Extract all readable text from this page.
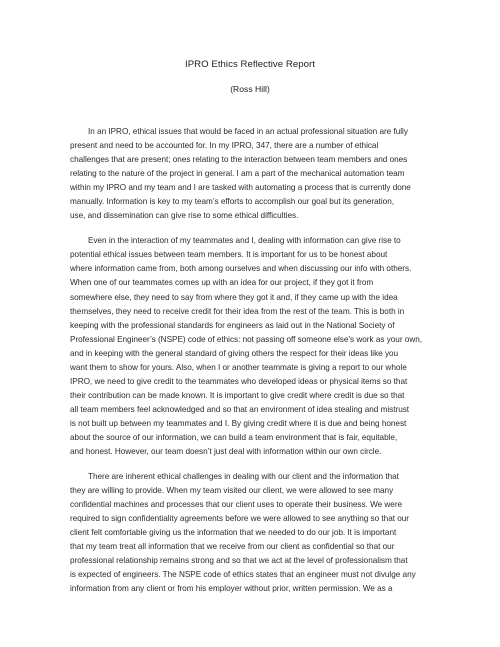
IPRO Ethics Reflective Report
(Ross Hill)
In an IPRO, ethical issues that would be faced in an actual professional situation are fully
present and need to be accounted for. In my IPRO, 347, there are a number of ethical
challenges that are present; ones relating to the interaction between team members and ones
relating to the nature of the project in general. I am a part of the mechanical automation team
within my IPRO and my team and I are tasked with automating a process that is currently done
manually. Information is key to my team’s efforts to accomplish our goal but its generation,
use, and dissemination can give rise to some ethical difficulties.
Even in the interaction of my teammates and I, dealing with information can give rise to
potential ethical issues between team members. It is important for us to be honest about
where information came from, both among ourselves and when discussing our info with others.
When one of our teammates comes up with an idea for our project, if they got it from
somewhere else, they need to say from where they got it and, if they came up with the idea
themselves, they need to receive credit for their idea from the rest of the team. This is both in
keeping with the professional standards for engineers as laid out in the National Society of
Professional Engineer’s (NSPE) code of ethics: not passing off someone else’s work as your own,
and in keeping with the general standard of giving others the respect for their ideas like you
want them to show for yours. Also, when I or another teammate is giving a report to our whole
IPRO, we need to give credit to the teammates who developed ideas or physical items so that
their contribution can be made known. It is important to give credit where credit is due so that
all team members feel acknowledged and so that an environment of idea stealing and mistrust
is not built up between my teammates and I. By giving credit where it is due and being honest
about the source of our information, we can build a team environment that is fair, equitable,
and honest. However, our team doesn’t just deal with information within our own circle.
There are inherent ethical challenges in dealing with our client and the information that
they are willing to provide. When my team visited our client, we were allowed to see many
confidential machines and processes that our client uses to operate their business. We were
required to sign confidentiality agreements before we were allowed to see anything so that our
client felt comfortable giving us the information that we needed to do our job. It is important
that my team treat all information that we receive from our client as confidential so that our
professional relationship remains strong and so that we act at the level of professionalism that
is expected of engineers. The NSPE code of ethics states that an engineer must not divulge any
information from any client or from his employer without prior, written permission. We as a
